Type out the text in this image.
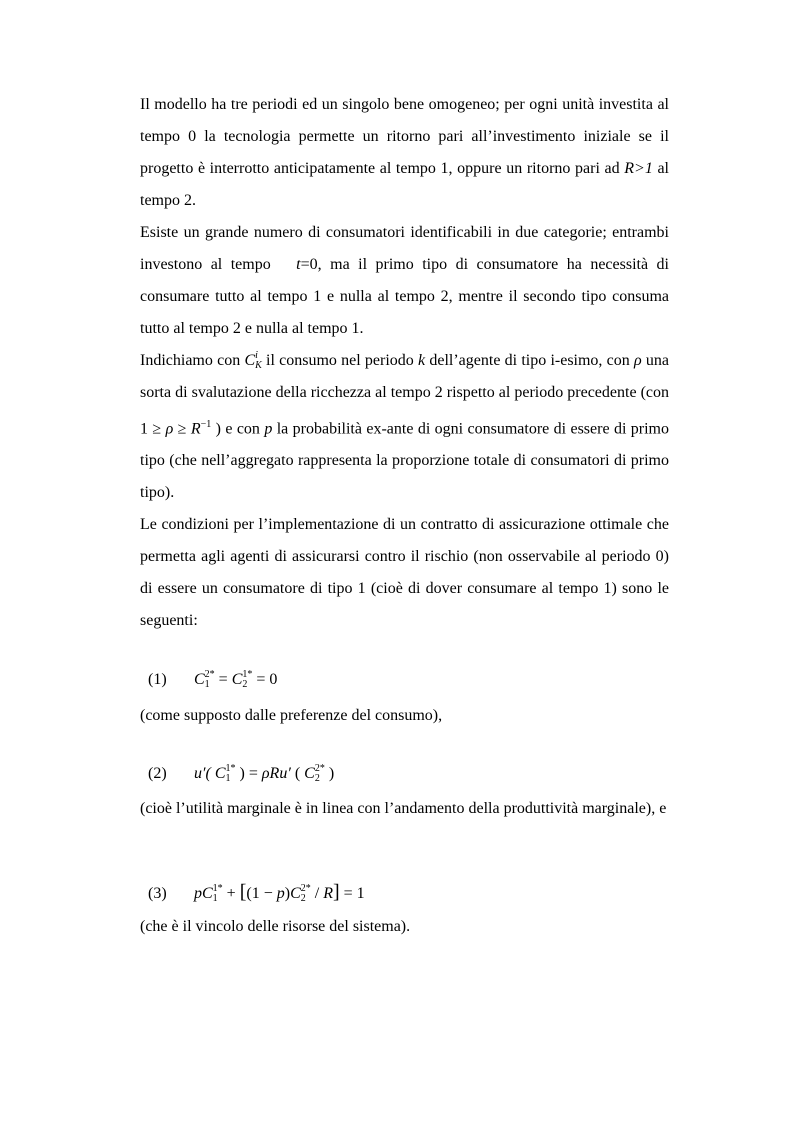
Il modello ha tre periodi ed un singolo bene omogeneo; per ogni unità investita al tempo 0 la tecnologia permette un ritorno pari all’investimento iniziale se il progetto è interrotto anticipatamente al tempo 1, oppure un ritorno pari ad R>1 al tempo 2.

Esiste un grande numero di consumatori identificabili in due categorie; entrambi investono al tempo   t=0, ma il primo tipo di consumatore ha necessità di consumare tutto al tempo 1 e nulla al tempo 2, mentre il secondo tipo consuma tutto al tempo 2 e nulla al tempo 1.

Indichiamo con C i
K il consumo nel periodo k dell’agente di tipo i-esimo, con ρ una sorta di svalutazione della ricchezza al tempo 2 rispetto al periodo precedente (con $1 \ge \rho \ge R^{-1}$ ) e con p la probabilità ex-ante di ogni consumatore di essere di primo tipo (che nell’aggregato rappresenta la proporzione totale di consumatori di primo tipo).

Le condizioni per l’implementazione di un contratto di assicurazione ottimale che permetta agli agenti di assicurarsi contro il rischio (non osservabile al periodo 0) di essere un consumatore di tipo 1 (cioè di dover consumare al tempo 1) sono le seguenti:

(1) C 2*
1 = C 1*
2 = 0
(come supposto dalle preferenze del consumo),
(2) u′( C 1*
1 ) = ρRu′ ( C 2*
2 )
(cioè l’utilità marginale è in linea con l’andamento della produttività marginale), e
(3) pC 1*
1 + [(1 − p)C 2*
2 / R] = 1
(che è il vincolo delle risorse del sistema).
